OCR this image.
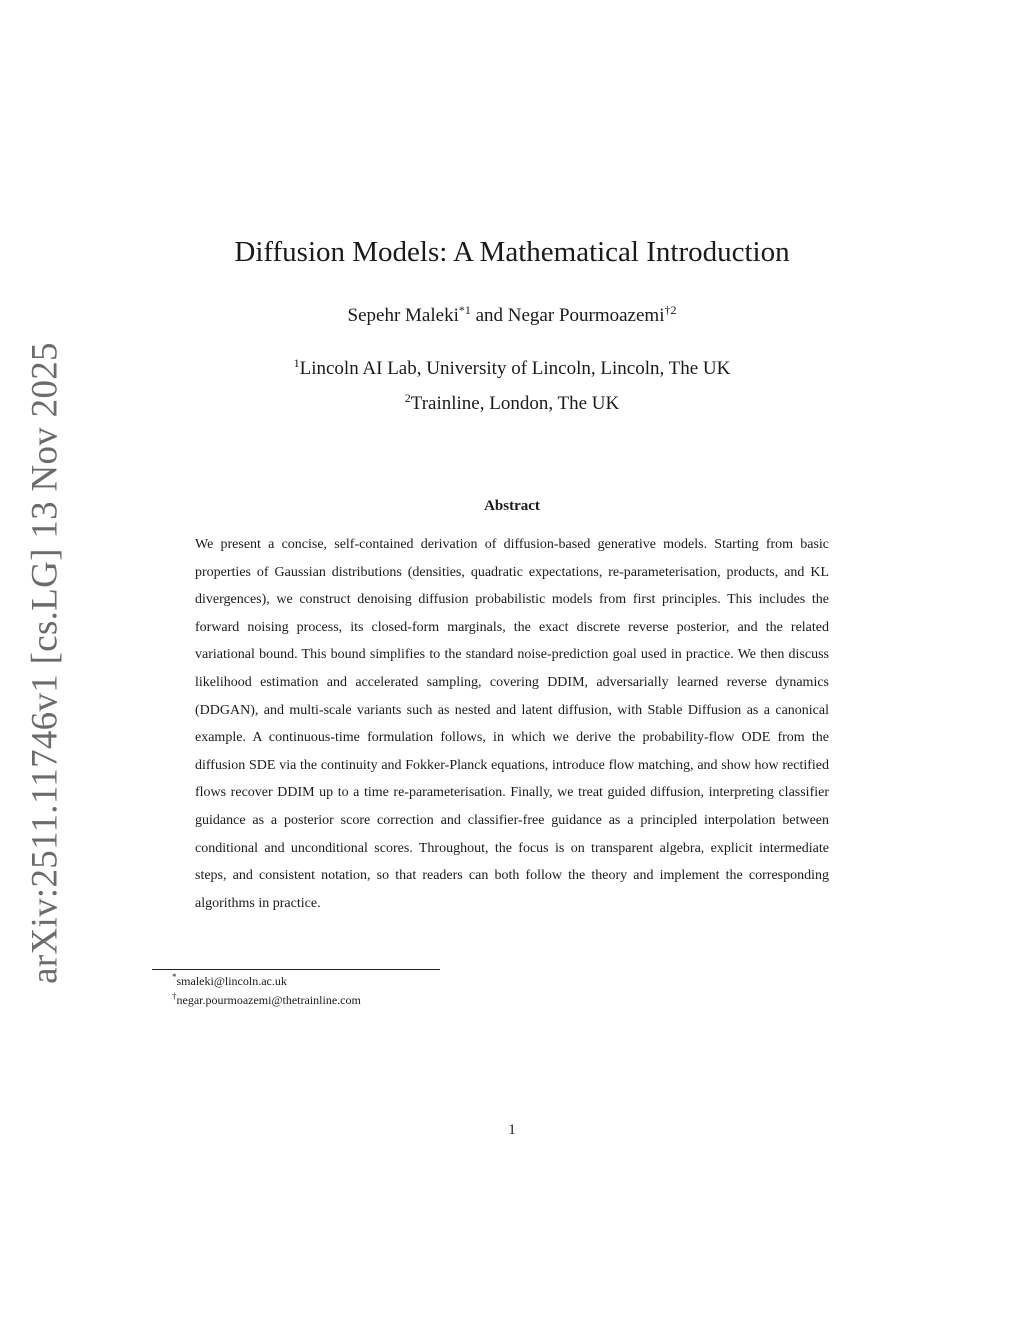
arXiv:2511.11746v1 [cs.LG] 13 Nov 2025
Diffusion Models: A Mathematical Introduction
Sepehr Maleki$^{*1}$ and Negar Pourmoazemi$^{\dagger 2}$
$^1$Lincoln AI Lab, University of Lincoln, Lincoln, The UK
$^2$Trainline, London, The UK
Abstract

We present a concise, self-contained derivation of diffusion-based generative models. Starting from basic properties of Gaussian distributions (densities, quadratic expectations, re-parameterisation, products, and KL divergences), we construct denoising diffusion probabilistic models from first principles. This includes the forward noising process, its closed-form marginals, the exact discrete reverse posterior, and the related variational bound. This bound simplifies to the standard noise-prediction goal used in practice. We then discuss likelihood estimation and accelerated sampling, covering DDIM, adversarially learned reverse dynamics (DDGAN), and multi-scale variants such as nested and latent diffusion, with Stable Diffusion as a canonical example. A continuous-time formulation follows, in which we derive the probability-flow ODE from the diffusion SDE via the continuity and Fokker-Planck equations, introduce flow matching, and show how rectified flows recover DDIM up to a time re-parameterisation. Finally, we treat guided diffusion, interpreting classifier guidance as a posterior score correction and classifier-free guidance as a principled interpolation between conditional and unconditional scores. Throughout, the focus is on transparent algebra, explicit intermediate steps, and consistent notation, so that readers can both follow the theory and implement the corresponding algorithms in practice.

*smaleki@lincoln.ac.uk
†negar.pourmoazemi@thetrainline.com
1
